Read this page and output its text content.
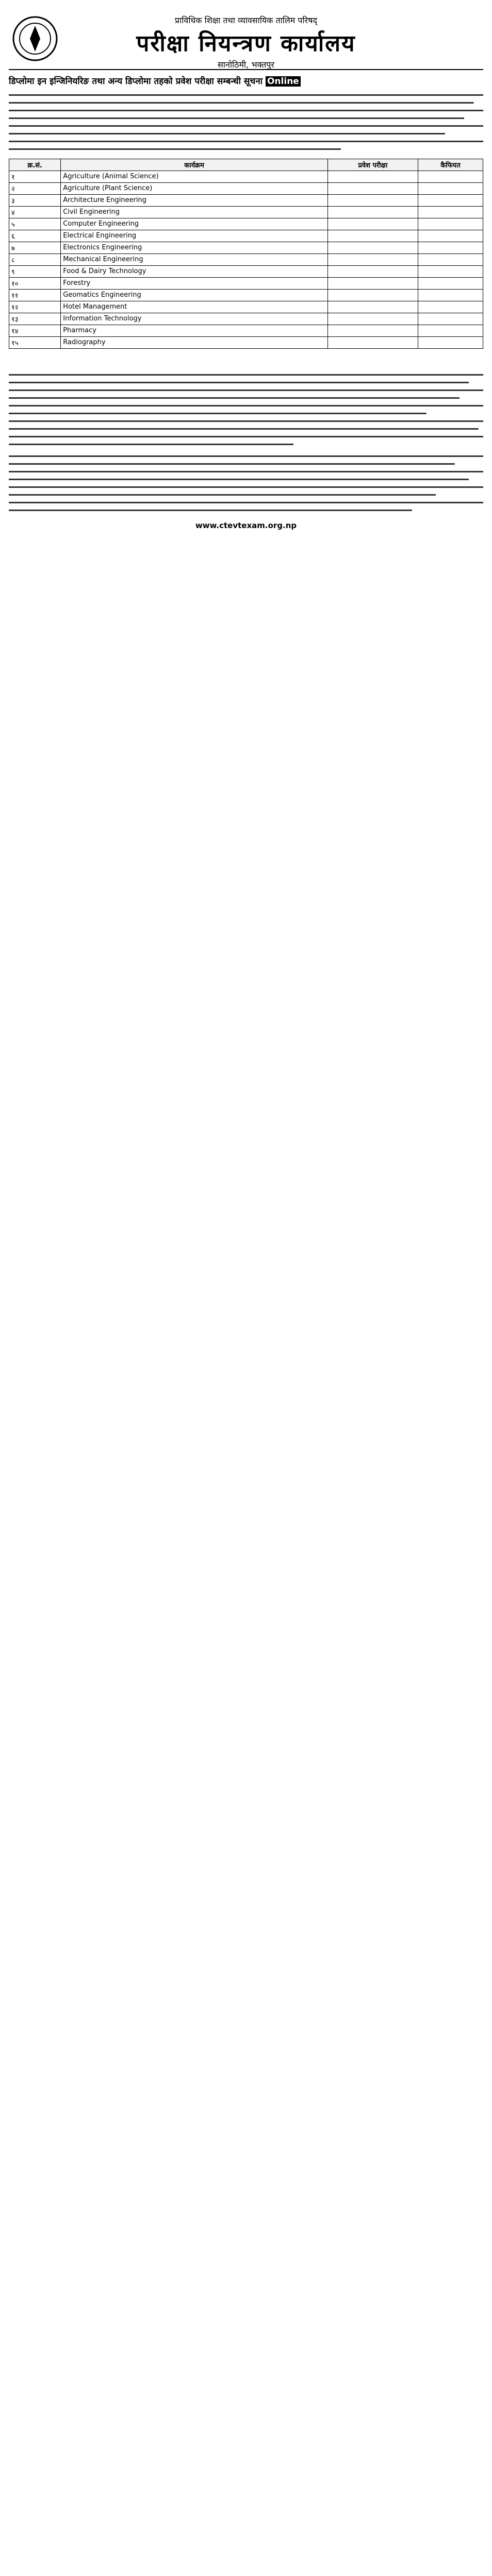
प्राविधिक शिक्षा तथा व्यावसायिक तालिम परिषद्
परीक्षा नियन्त्रण कार्यालय
सानोठिमी, भक्तपुर
डिप्लोमा इन इन्जिनियरिङ तथा अन्य डिप्लोमा तहको प्रवेश परीक्षा सम्बन्धी सूचना Online
क्र.सं.	कार्यक्रम	प्रवेश परीक्षा	कैफियत
१	Agriculture (Animal Science)		
२	Agriculture (Plant Science)		
३	Architecture Engineering		
४	Civil Engineering		
५	Computer Engineering		
६	Electrical Engineering		
७	Electronics Engineering		
८	Mechanical Engineering		
९	Food & Dairy Technology		
१०	Forestry		
११	Geomatics Engineering		
१२	Hotel Management		
१३	Information Technology		
१४	Pharmacy		
१५	Radiography		
www.ctevtexam.org.np
